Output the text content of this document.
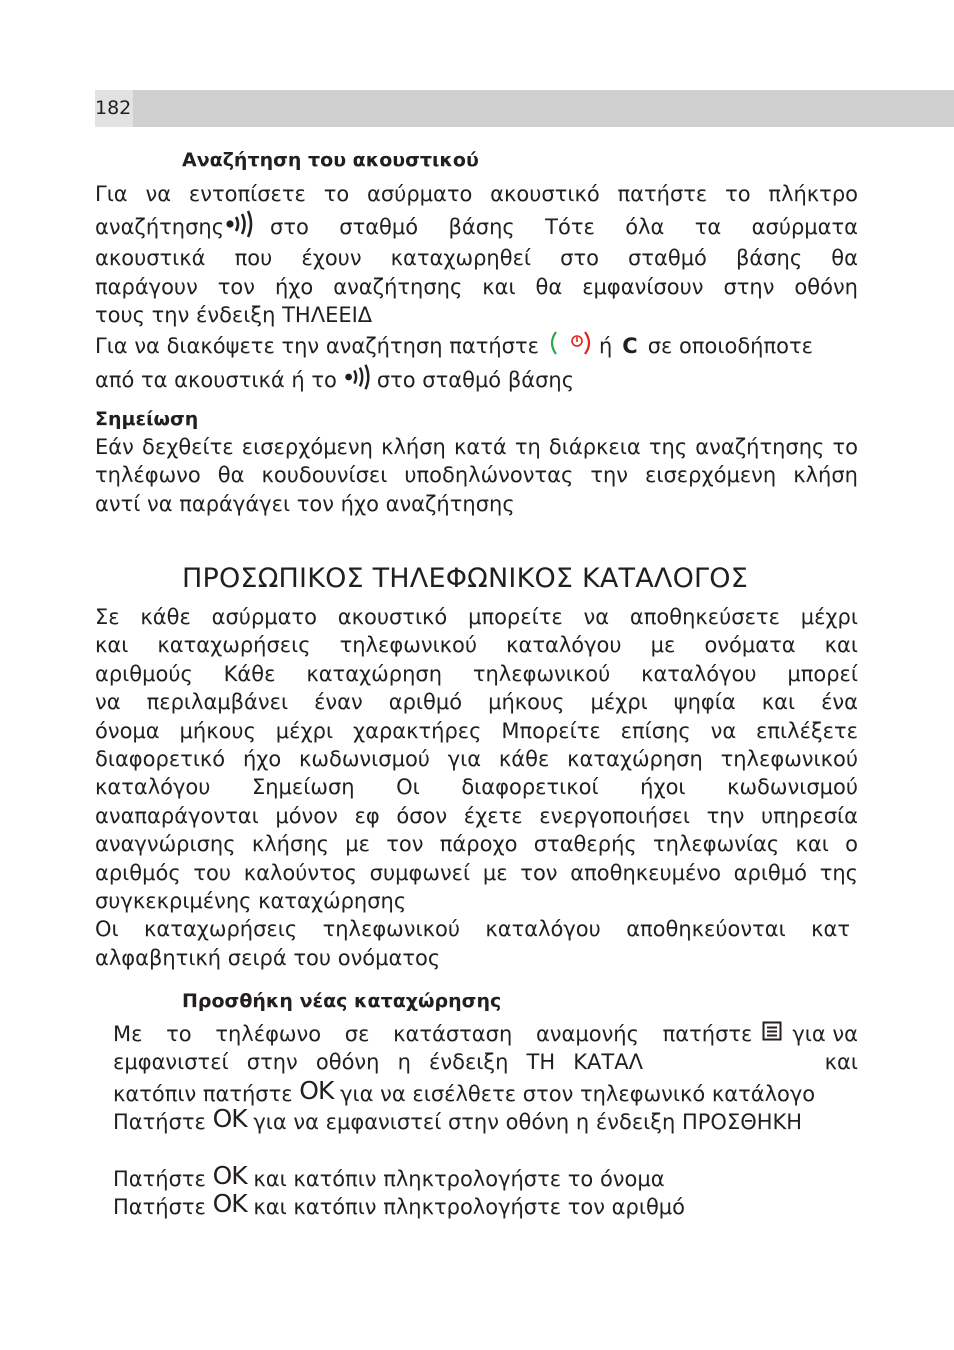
182
Αναζήτηση του ακουστικού
Για να εντοπίσετε το ασύρματο ακουστικό πατήστε το πλήκτρο
αναζήτησης στο σταθμό βάσης Τότε όλα τα ασύρματα
ακουστικά που έχουν καταχωρηθεί στο σταθμό βάσης θα
παράγουν τον ήχο αναζήτησης και θα εμφανίσουν στην οθόνη
τους την ένδειξη ΤΗΛΕΕΙΔ
Για να διακόψετε την αναζήτηση πατήστε	ή C σε οποιοδήποτε
από τα ακουστικά ή το στο σταθμό βάσης
Σημείωση
Εάν δεχθείτε εισερχόμενη κλήση κατά τη διάρκεια της αναζήτησης το
τηλέφωνο θα κουδουνίσει υποδηλώνοντας την εισερχόμενη κλήση
αντί να παράγάγει τον ήχο αναζήτησης
ΠΡΟΣΩΠΙΚΟΣ ΤΗΛΕΦΩΝΙΚΟΣ ΚΑΤΑΛΟΓΟΣ
Σε κάθε ασύρματο ακουστικό μπορείτε να αποθηκεύσετε μέχρι
και καταχωρήσεις τηλεφωνικού καταλόγου με ονόματα και
αριθμούς Κάθε καταχώρηση τηλεφωνικού καταλόγου μπορεί
να περιλαμβάνει έναν αριθμό μήκους μέχρι ψηφία και ένα
όνομα μήκους μέχρι χαρακτήρες Μπορείτε επίσης να επιλέξετε
διαφορετικό ήχο κωδωνισμού για κάθε καταχώρηση τηλεφωνικού
καταλόγου Σημείωση Οι διαφορετικοί ήχοι κωδωνισμού
αναπαράγονται μόνον εφ όσον έχετε ενεργοποιήσει την υπηρεσία
αναγνώρισης κλήσης με τον πάροχο σταθερής τηλεφωνίας και ο
αριθμός του καλούντος συμφωνεί με τον αποθηκευμένο αριθμό της
συγκεκριμένης καταχώρησης
Οι καταχωρήσεις τηλεφωνικού καταλόγου αποθηκεύονται κατ
αλφαβητική σειρά του ονόματος
Προσθήκη νέας καταχώρησης
Με το τηλέφωνο σε κατάσταση αναμονής πατήστε για να
εμφανιστεί στην οθόνη η ένδειξη ΤΗ ΚΑΤΑΛ	και
κατόπιν πατήστε OK για να εισέλθετε στον τηλεφωνικό κατάλογο
Πατήστε OK για να εμφανιστεί στην οθόνη η ένδειξη ΠΡΟΣΘΗΚΗ
Πατήστε OK και κατόπιν πληκτρολογήστε το όνομα
Πατήστε OK και κατόπιν πληκτρολογήστε τον αριθμό
